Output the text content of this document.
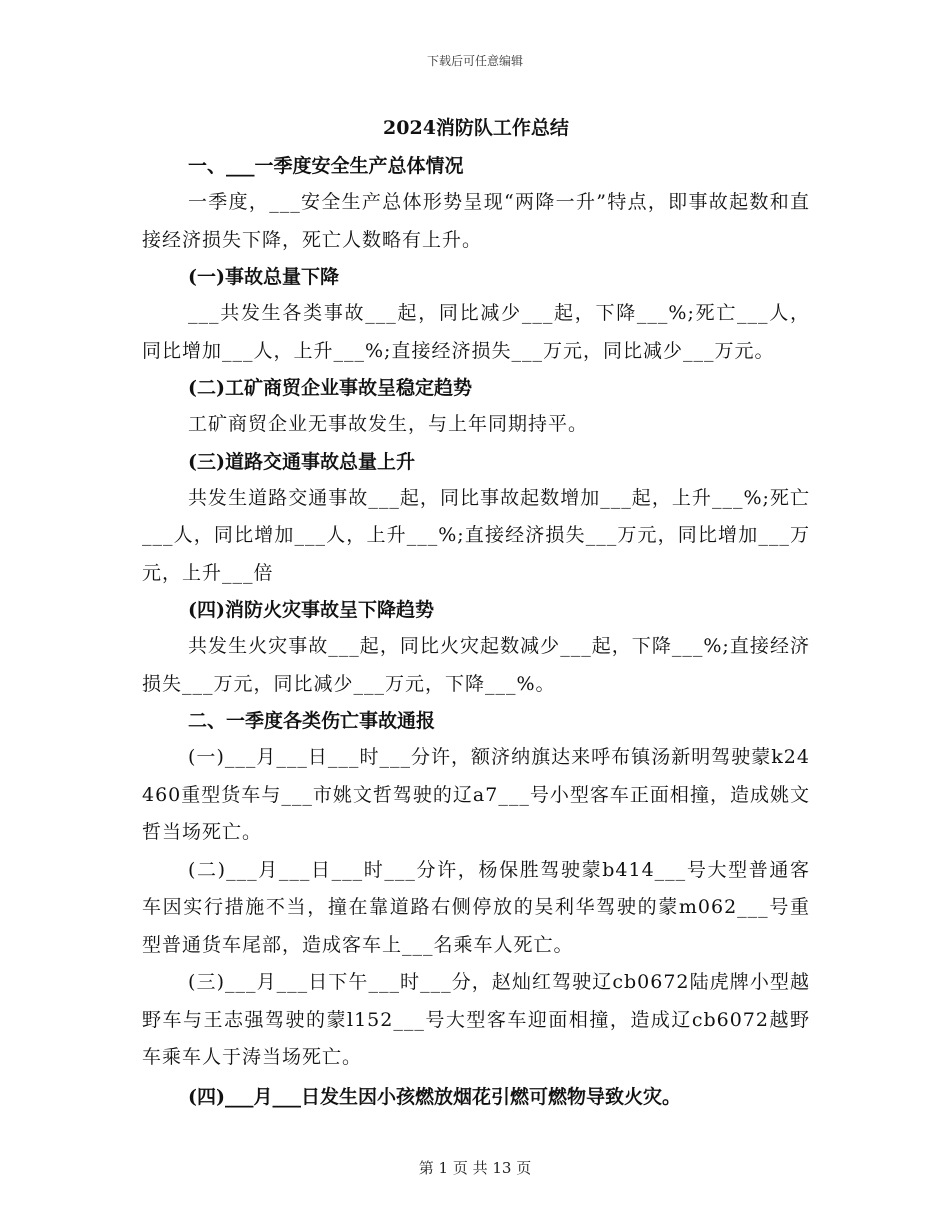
下载后可任意编辑

2024消防队工作总结

一、___一季度安全生产总体情况

一季度，___安全生产总体形势呈现“两降一升”特点，即事故起数和直接经济损失下降，死亡人数略有上升。

(一)事故总量下降

___共发生各类事故___起，同比减少___起，下降___%;死亡___人，同比增加___人，上升___%;直接经济损失___万元，同比减少___万元。

(二)工矿商贸企业事故呈稳定趋势

工矿商贸企业无事故发生，与上年同期持平。

(三)道路交通事故总量上升

共发生道路交通事故___起，同比事故起数增加___起，上升___%;死亡___人，同比增加___人，上升___%;直接经济损失___万元，同比增加___万元，上升___倍

(四)消防火灾事故呈下降趋势

共发生火灾事故___起，同比火灾起数减少___起，下降___%;直接经济损失___万元，同比减少___万元，下降___%。

二、一季度各类伤亡事故通报

(一)___月___日___时___分许，额济纳旗达来呼布镇汤新明驾驶蒙k24460重型货车与___市姚文哲驾驶的辽a7___号小型客车正面相撞，造成姚文哲当场死亡。

(二)___月___日___时___分许，杨保胜驾驶蒙b414___号大型普通客车因实行措施不当，撞在靠道路右侧停放的吴利华驾驶的蒙m062___号重型普通货车尾部，造成客车上___名乘车人死亡。

(三)___月___日下午___时___分，赵灿红驾驶辽cb0672陆虎牌小型越野车与王志强驾驶的蒙l152___号大型客车迎面相撞，造成辽cb6072越野车乘车人于涛当场死亡。

(四)___月___日发生因小孩燃放烟花引燃可燃物导致火灾。

第 1 页 共 13 页
